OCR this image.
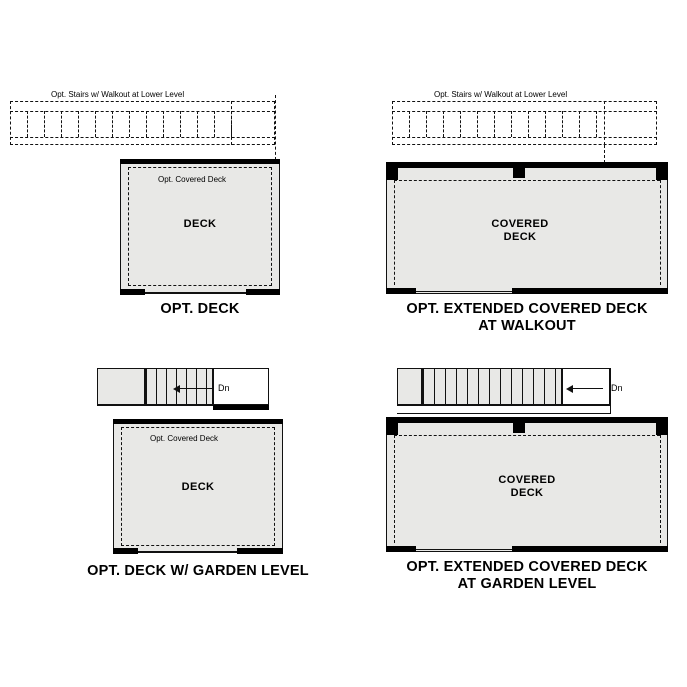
Opt. Stairs w/ Walkout at Lower Level
Opt. Covered Deck
DECK
OPT. DECK
Opt. Stairs w/ Walkout at Lower Level
COVERED
DECK
OPT. EXTENDED COVERED DECK
AT WALKOUT
Dn
Opt. Covered Deck
DECK
OPT. DECK W/ GARDEN LEVEL
Dn
COVERED
DECK
OPT. EXTENDED COVERED DECK
AT GARDEN LEVEL
